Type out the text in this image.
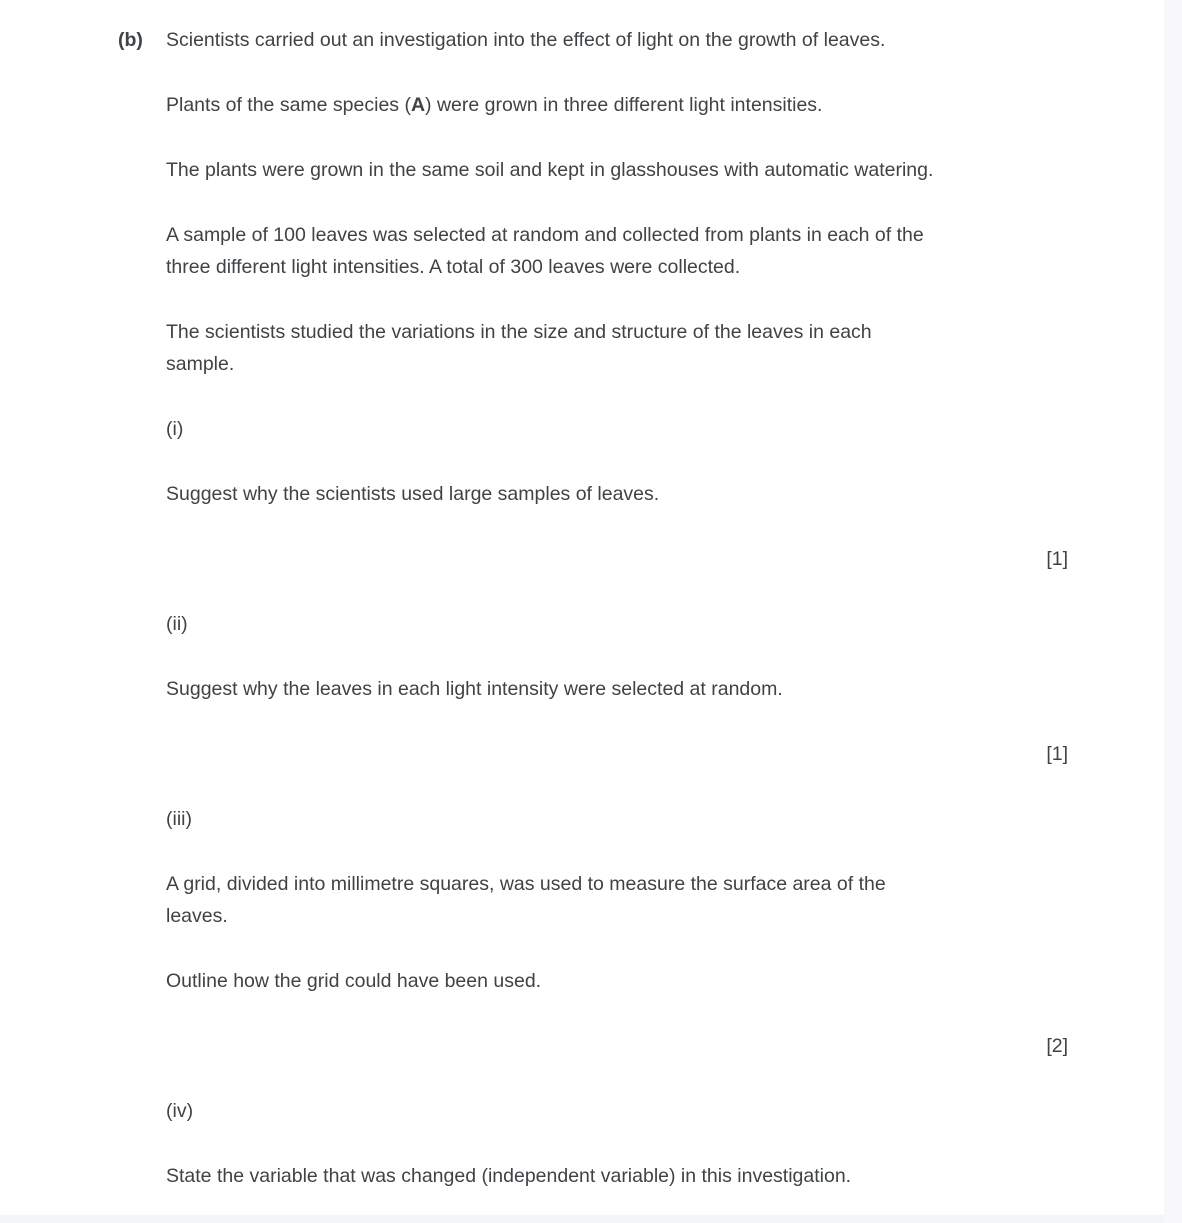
(b)	Scientists carried out an investigation into the effect of light on the growth of leaves.

Plants of the same species (A) were grown in three different light intensities.

The plants were grown in the same soil and kept in glasshouses with automatic watering.

A sample of 100 leaves was selected at random and collected from plants in each of the
three different light intensities. A total of 300 leaves were collected.

The scientists studied the variations in the size and structure of the leaves in each
sample.

(i)

Suggest why the scientists used large samples of leaves.

[1]

(ii)

Suggest why the leaves in each light intensity were selected at random.

[1]

(iii)

A grid, divided into millimetre squares, was used to measure the surface area of the
leaves.

Outline how the grid could have been used.

[2]

(iv)

State the variable that was changed (independent variable) in this investigation.
